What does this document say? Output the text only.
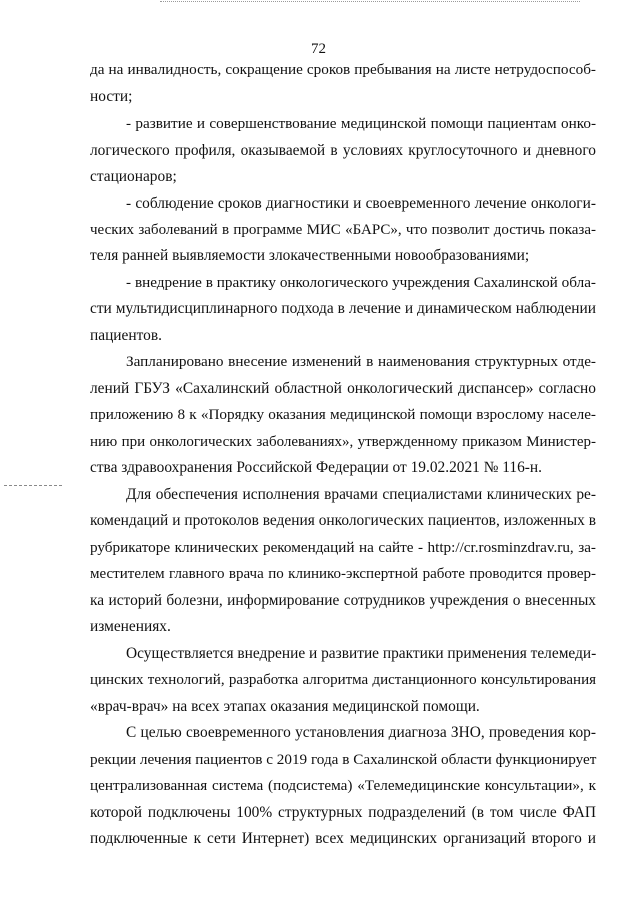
72
да на инвалидность, сокращение сроков пребывания на листе нетрудоспособ-
ности;
- развитие и совершенствование медицинской помощи пациентам онко-
логического профиля, оказываемой в условиях круглосуточного и дневного
стационаров;
- соблюдение сроков диагностики и своевременного лечение онкологи-
ческих заболеваний в программе МИС «БАРС», что позволит достичь показа-
теля ранней выявляемости злокачественными новообразованиями;
- внедрение в практику онкологического учреждения Сахалинской обла-
сти мультидисциплинарного подхода в лечение и динамическом наблюдении
пациентов.
Запланировано внесение изменений в наименования структурных отде-
лений ГБУЗ «Сахалинский областной онкологический диспансер» согласно
приложению 8 к «Порядку оказания медицинской помощи взрослому населе-
нию при онкологических заболеваниях», утвержденному приказом Министер-
ства здравоохранения Российской Федерации от 19.02.2021 № 116-н.
Для обеспечения исполнения врачами специалистами клинических ре-
комендаций и протоколов ведения онкологических пациентов, изложенных в
рубрикаторе клинических рекомендаций на сайте - http://cr.rosminzdrav.ru, за-
местителем главного врача по клинико-экспертной работе проводится провер-
ка историй болезни, информирование сотрудников учреждения о внесенных
изменениях.
Осуществляется внедрение и развитие практики применения телемеди-
цинских технологий, разработка алгоритма дистанционного консультирования
«врач-врач» на всех этапах оказания медицинской помощи.
С целью своевременного установления диагноза ЗНО, проведения кор-
рекции лечения пациентов с 2019 года в Сахалинской области функционирует
централизованная система (подсистема) «Телемедицинские консультации», к
которой подключены 100% структурных подразделений (в том числе ФАП
подключенные к сети Интернет) всех медицинских организаций второго и
